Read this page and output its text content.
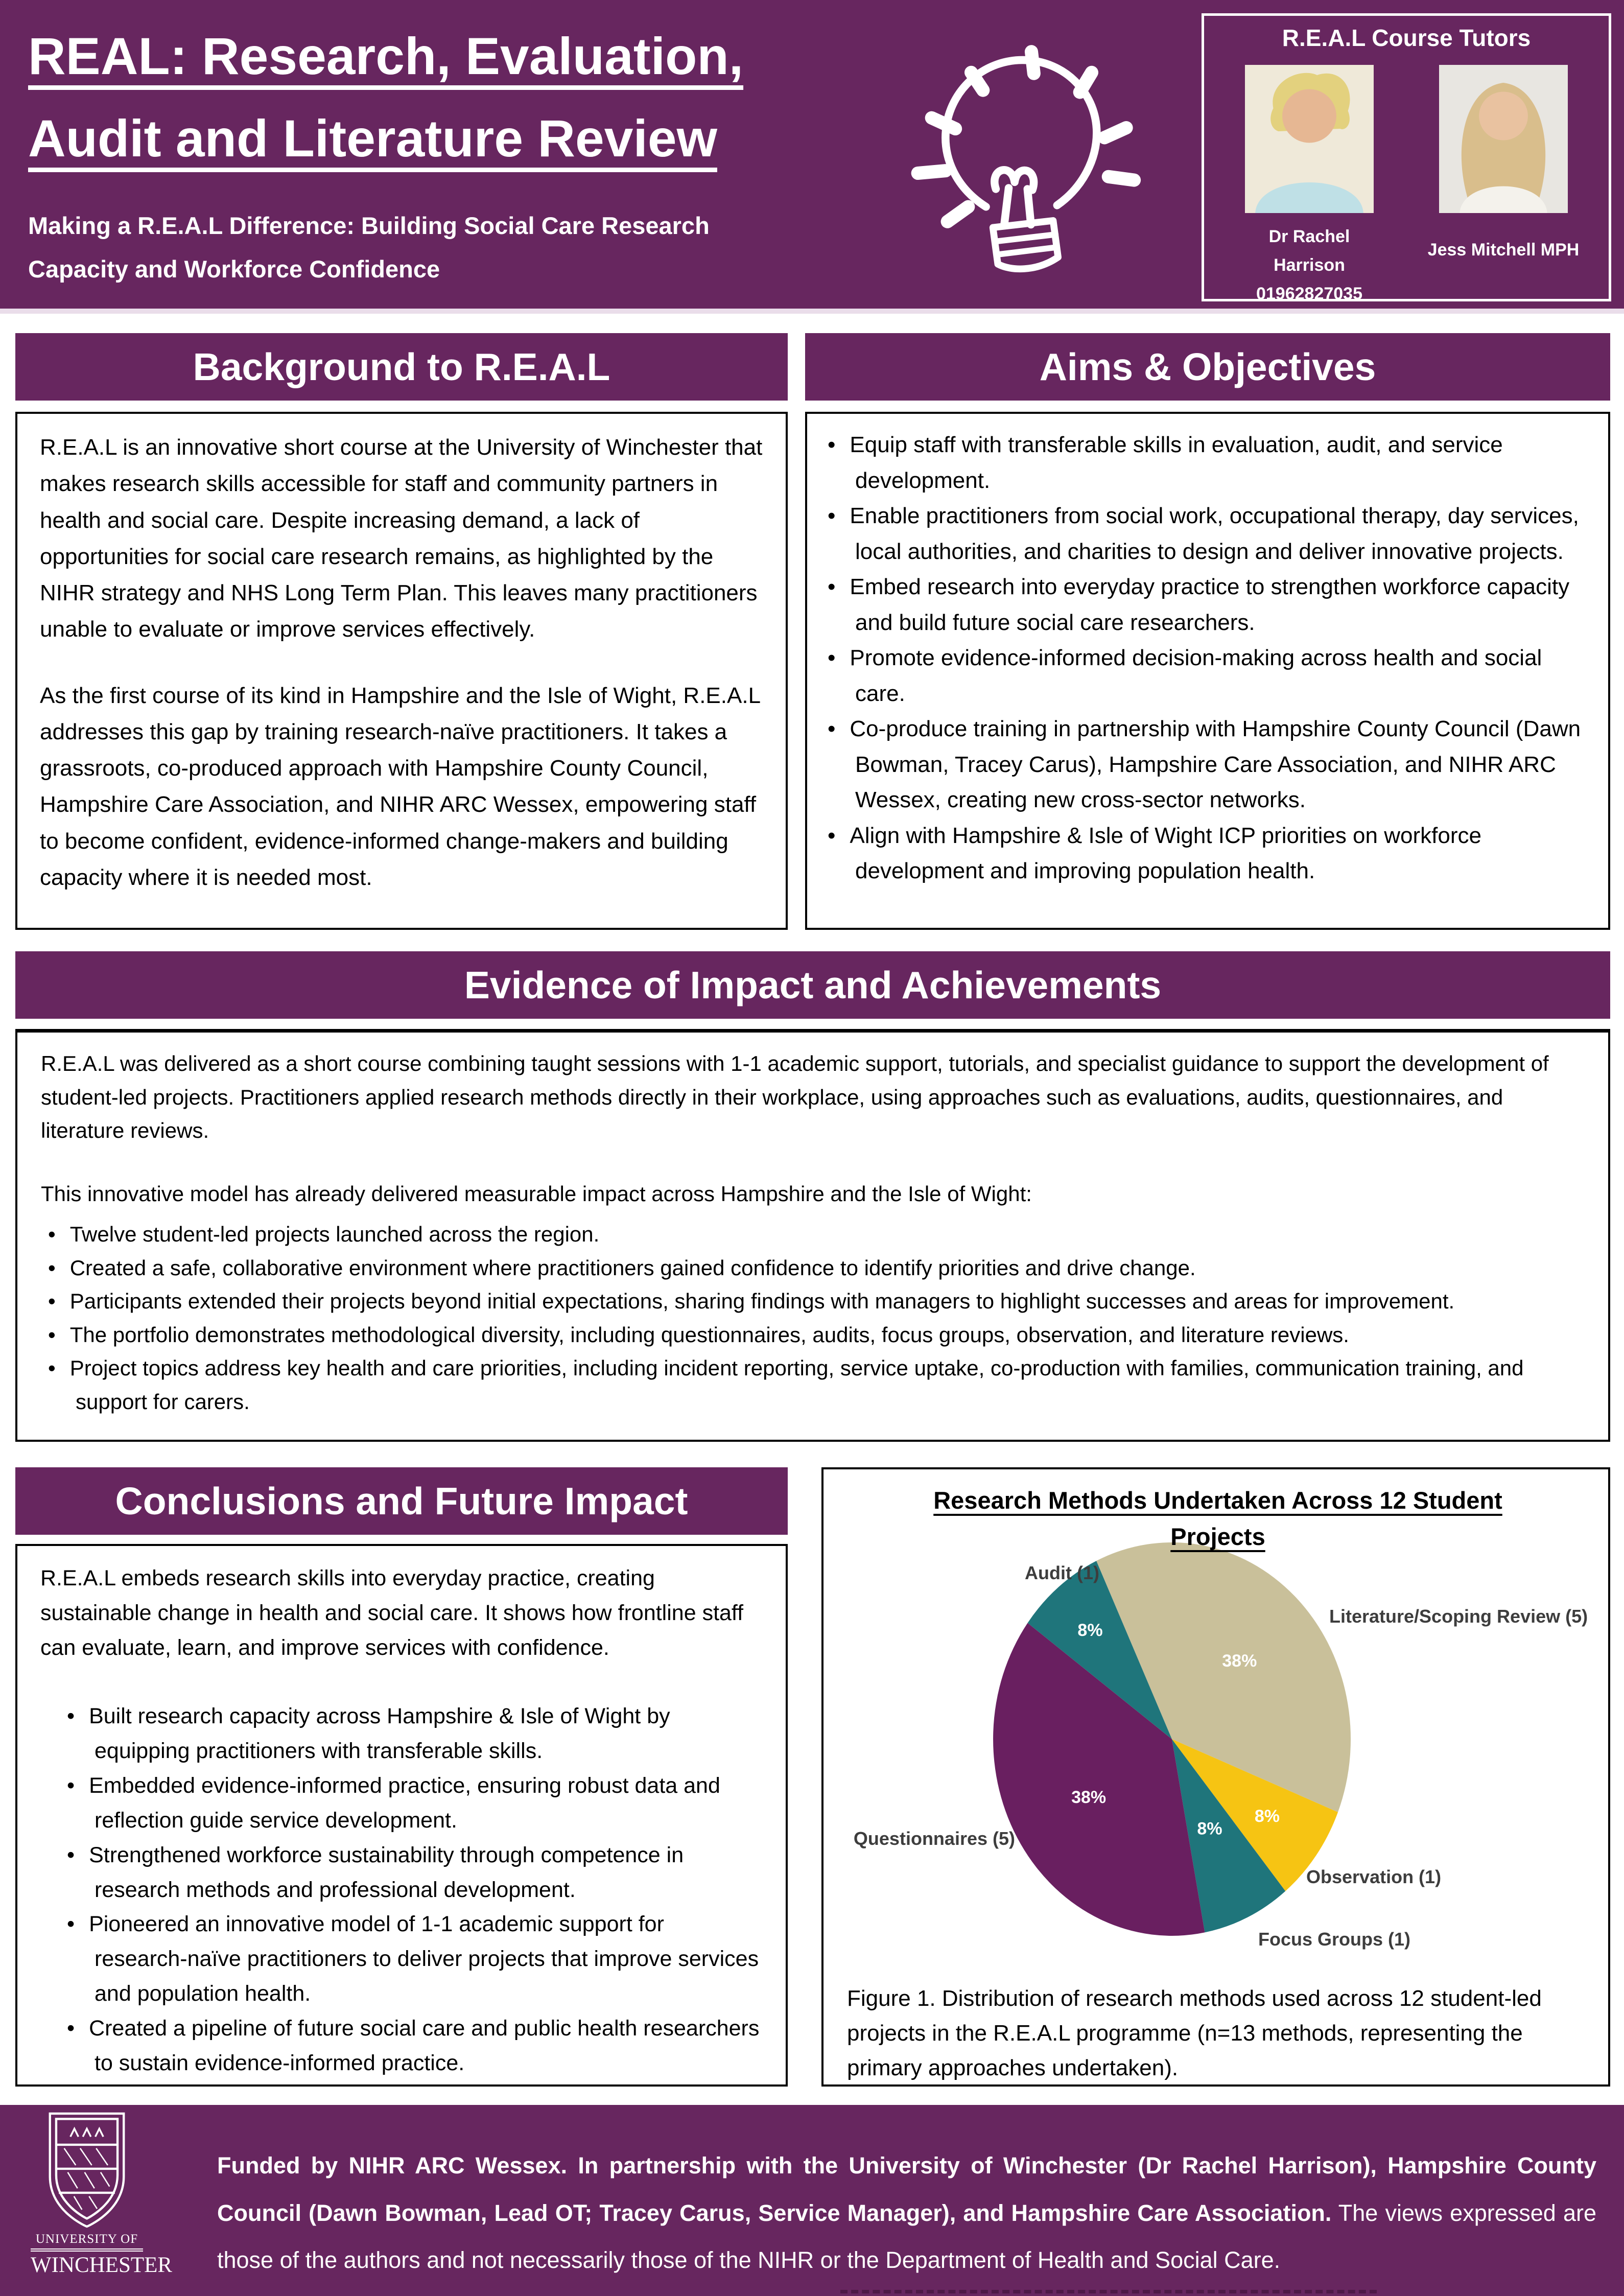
REAL: Research, Evaluation,
Audit and Literature Review
Making a R.E.A.L Difference: Building Social Care Research
Capacity and Workforce Confidence
R.E.A.L Course Tutors
Dr Rachel Harrison
01962827035
Jess Mitchell MPH
Background to R.E.A.L	Aims & Objectives
Evidence of Impact and Achievements
Conclusions and Future Impact

R.E.A.L is an innovative short course at the University of Winchester that makes research skills accessible for staff and community partners in health and social care. Despite increasing demand, a lack of opportunities for social care research remains, as highlighted by the NIHR strategy and NHS Long Term Plan. This leaves many practitioners unable to evaluate or improve services effectively.

As the first course of its kind in Hampshire and the Isle of Wight, R.E.A.L addresses this gap by training research-naïve practitioners. It takes a grassroots, co-produced approach with Hampshire County Council, Hampshire Care Association, and NIHR ARC Wessex, empowering staff to become confident, evidence-informed change-makers and building capacity where it is needed most.

• Equip staff with transferable skills in evaluation, audit, and service development.
• Enable practitioners from social work, occupational therapy, day services, local authorities, and charities to design and deliver innovative projects.
• Embed research into everyday practice to strengthen workforce capacity and build future social care researchers.
• Promote evidence-informed decision-making across health and social care.
• Co-produce training in partnership with Hampshire County Council (Dawn Bowman, Tracey Carus), Hampshire Care Association, and NIHR ARC Wessex, creating new cross-sector networks.
• Align with Hampshire & Isle of Wight ICP priorities on workforce development and improving population health.

R.E.A.L was delivered as a short course combining taught sessions with 1-1 academic support, tutorials, and specialist guidance to support the development of student-led projects. Practitioners applied research methods directly in their workplace, using approaches such as evaluations, audits, questionnaires, and literature reviews.

This innovative model has already delivered measurable impact across Hampshire and the Isle of Wight:

• Twelve student-led projects launched across the region.
• Created a safe, collaborative environment where practitioners gained confidence to identify priorities and drive change.
• Participants extended their projects beyond initial expectations, sharing findings with managers to highlight successes and areas for improvement.
• The portfolio demonstrates methodological diversity, including questionnaires, audits, focus groups, observation, and literature reviews.
• Project topics address key health and care priorities, including incident reporting, service uptake, co-production with families, communication training, and support for carers.

R.E.A.L embeds research skills into everyday practice, creating sustainable change in health and social care. It shows how frontline staff can evaluate, learn, and improve services with confidence.

• Built research capacity across Hampshire & Isle of Wight by equipping practitioners with transferable skills.
• Embedded evidence-informed practice, ensuring robust data and reflection guide service development.
• Strengthened workforce sustainability through competence in research methods and professional development.
• Pioneered an innovative model of 1-1 academic support for research-naïve practitioners to deliver projects that improve services and population health.
• Created a pipeline of future social care and public health researchers to sustain evidence-informed practice.
Research Methods Undertaken Across 12 Student Projects
38%
Literature/Scoping Review (5)
8%
Observation (1)
8%
Focus Groups (1)
38%
Questionnaires (5)
8%
Audit (1)
Figure 1. Distribution of research methods used across 12 student-led projects in the R.E.A.L programme (n=13 methods, representing the primary approaches undertaken).
UNIVERSITY OF
WINCHESTER

Funded by NIHR ARC Wessex. In partnership with the University of Winchester (Dr Rachel Harrison), Hampshire County Council (Dawn Bowman, Lead OT; Tracey Carus, Service Manager), and Hampshire Care Association. The views expressed are those of the authors and not necessarily those of the NIHR or the Department of Health and Social Care.
